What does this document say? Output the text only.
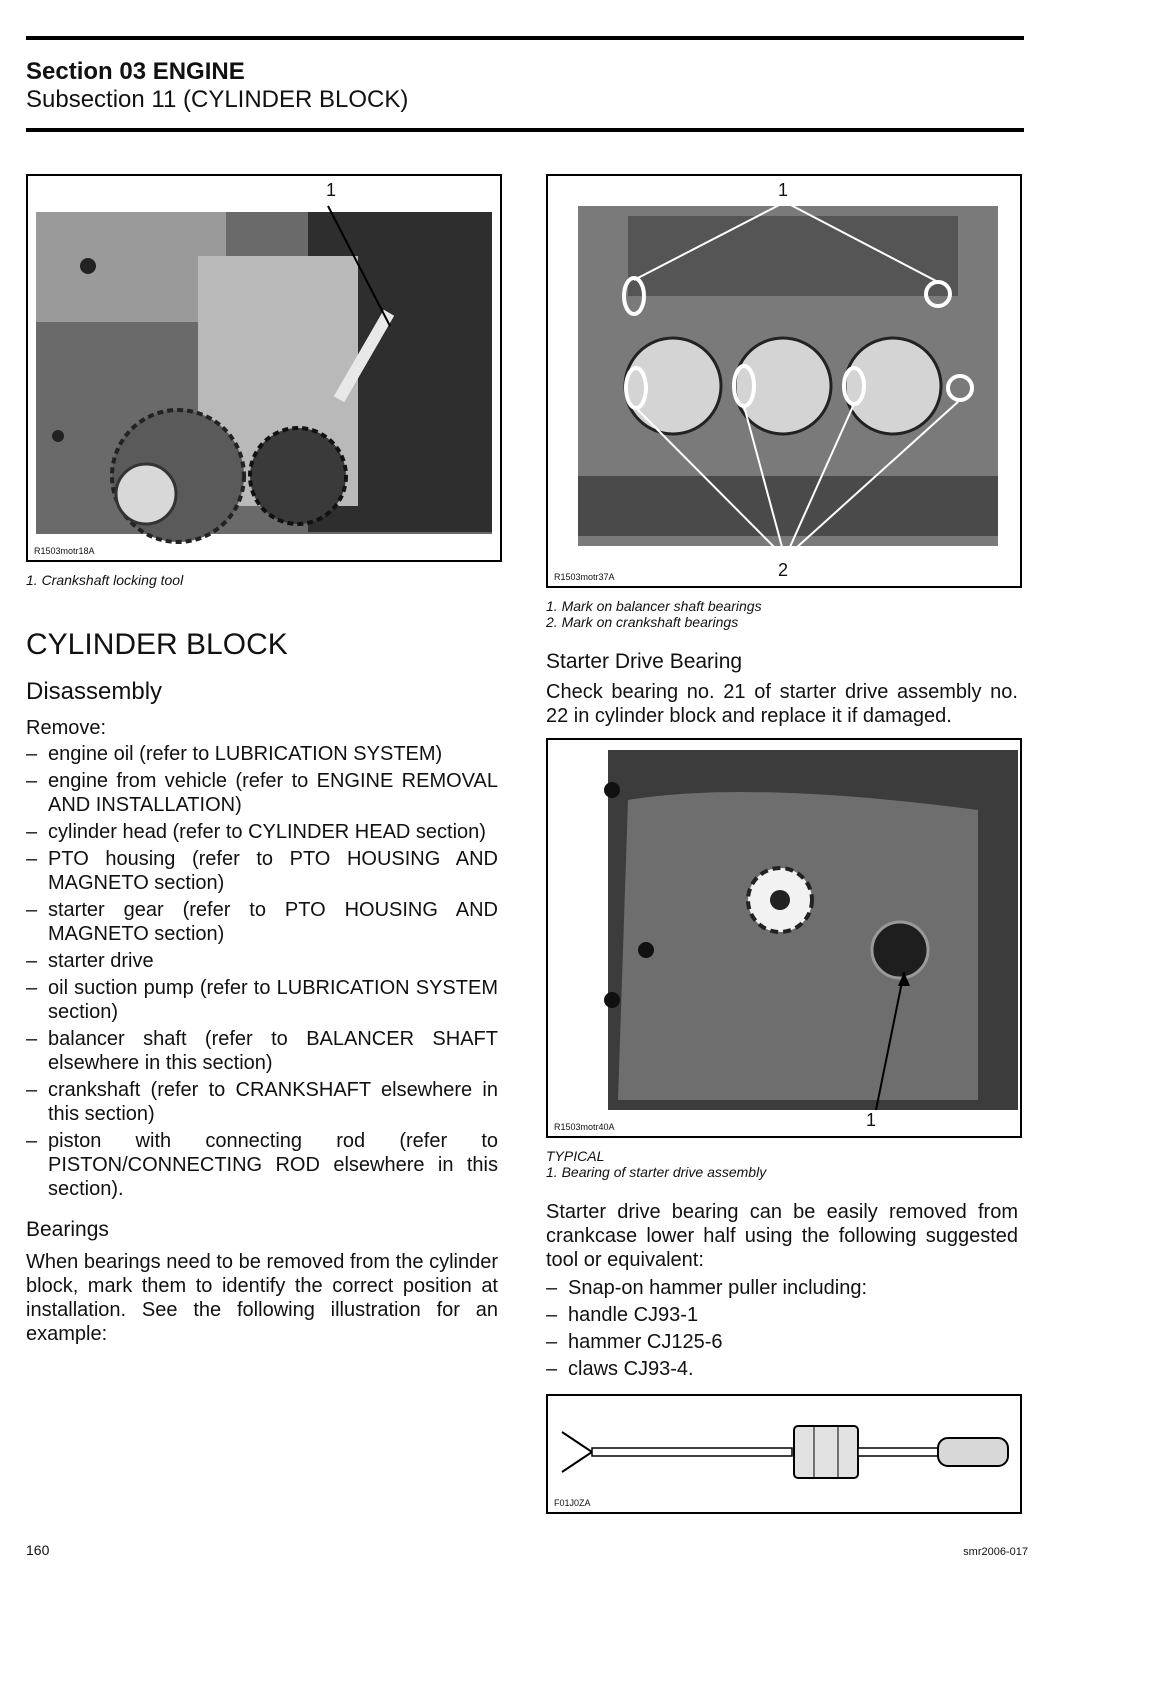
Section 03 ENGINE
Subsection 11 (CYLINDER BLOCK)
1
R1503motr18A
1. Crankshaft locking tool
1
2
R1503motr37A
1. Mark on balancer shaft bearings
2. Mark on crankshaft bearings
CYLINDER BLOCK
Disassembly
Remove:
– engine oil (refer to LUBRICATION SYSTEM)
– engine from vehicle (refer to ENGINE REMOVAL AND INSTALLATION)
– cylinder head (refer to CYLINDER HEAD section)
– PTO housing (refer to PTO HOUSING AND MAGNETO section)
– starter gear (refer to PTO HOUSING AND MAGNETO section)
– starter drive
– oil suction pump (refer to LUBRICATION SYSTEM section)
– balancer shaft (refer to BALANCER SHAFT elsewhere in this section)
– crankshaft (refer to CRANKSHAFT elsewhere in this section)
– piston with connecting rod (refer to PISTON/CONNECTING ROD elsewhere in this section).
Bearings
When bearings need to be removed from the cylinder block, mark them to identify the correct position at installation. See the following illustration for an example:
Starter Drive Bearing
Check bearing no. 21 of starter drive assembly no. 22 in cylinder block and replace it if damaged.
1
R1503motr40A
TYPICAL
1. Bearing of starter drive assembly
Starter drive bearing can be easily removed from crankcase lower half using the following suggested tool or equivalent:
– Snap-on hammer puller including:
– handle CJ93-1
– hammer CJ125-6
– claws CJ93-4.
F01J0ZA
160	smr2006-017
